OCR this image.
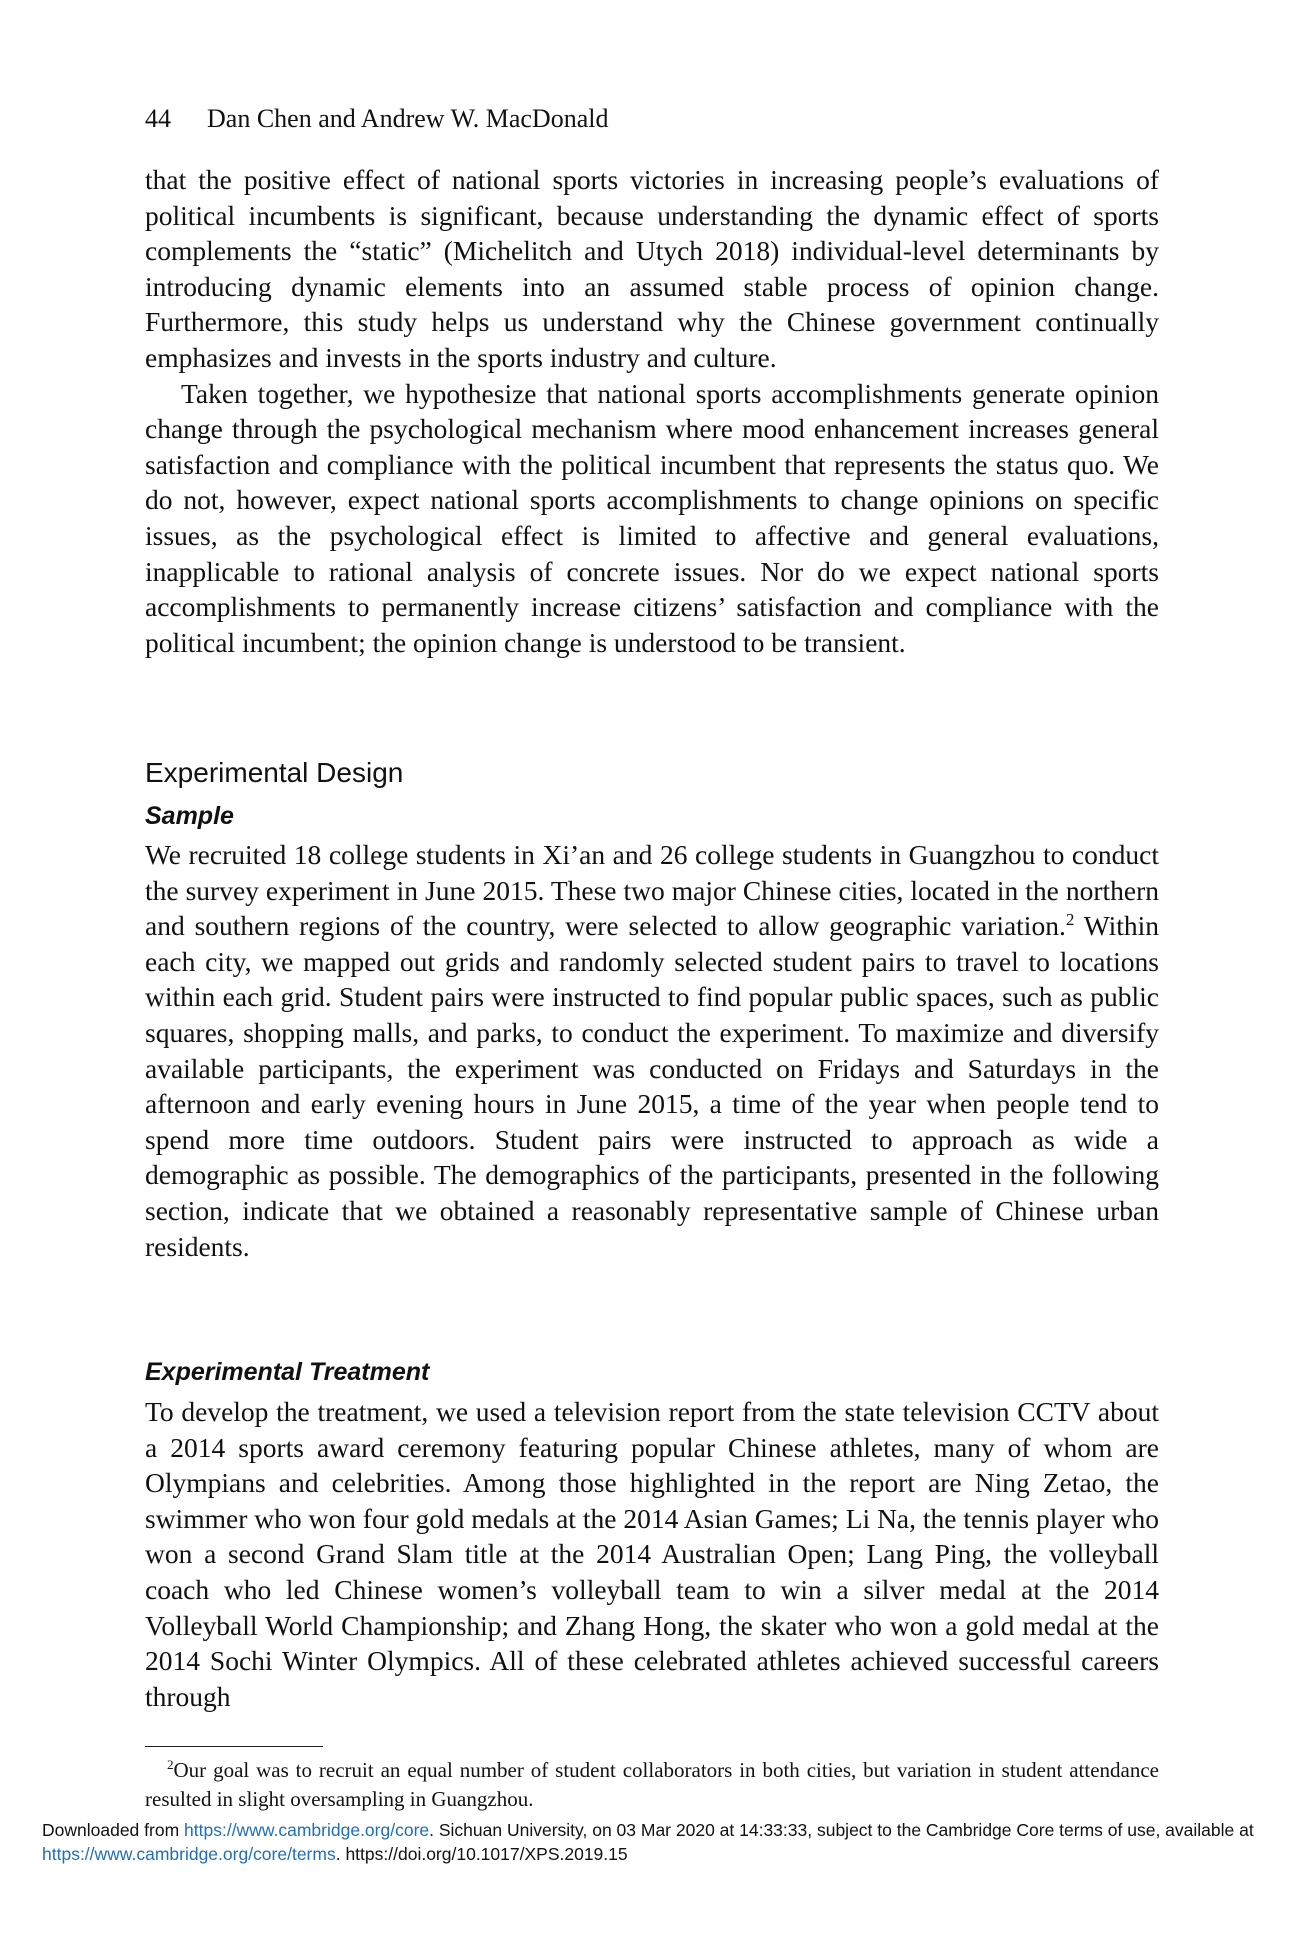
44 Dan Chen and Andrew W. MacDonald

that the positive effect of national sports victories in increasing people’s evaluations of political incumbents is significant, because understanding the dynamic effect of sports complements the “static” (Michelitch and Utych 2018) individual-level determinants by introducing dynamic elements into an assumed stable process of opinion change. Furthermore, this study helps us understand why the Chinese government continually emphasizes and invests in the sports industry and culture.

Taken together, we hypothesize that national sports accomplishments generate opinion change through the psychological mechanism where mood enhancement increases general satisfaction and compliance with the political incumbent that represents the status quo. We do not, however, expect national sports accomplishments to change opinions on specific issues, as the psychological effect is limited to affective and general evaluations, inapplicable to rational analysis of concrete issues. Nor do we expect national sports accomplishments to permanently increase citizens’ satisfaction and compliance with the political incumbent; the opinion change is understood to be transient.

Experimental Design
Sample

We recruited 18 college students in Xi’an and 26 college students in Guangzhou to conduct the survey experiment in June 2015. These two major Chinese cities, located in the northern and southern regions of the country, were selected to allow geographic variation.$^2$ Within each city, we mapped out grids and randomly selected student pairs to travel to locations within each grid. Student pairs were instructed to find popular public spaces, such as public squares, shopping malls, and parks, to conduct the experiment. To maximize and diversify available participants, the experiment was conducted on Fridays and Saturdays in the afternoon and early evening hours in June 2015, a time of the year when people tend to spend more time outdoors. Student pairs were instructed to approach as wide a demographic as possible. The demographics of the participants, presented in the following section, indicate that we obtained a reasonably representative sample of Chinese urban residents.

Experimental Treatment

To develop the treatment, we used a television report from the state television CCTV about a 2014 sports award ceremony featuring popular Chinese athletes, many of whom are Olympians and celebrities. Among those highlighted in the report are Ning Zetao, the swimmer who won four gold medals at the 2014 Asian Games; Li Na, the tennis player who won a second Grand Slam title at the 2014 Australian Open; Lang Ping, the volleyball coach who led Chinese women’s volleyball team to win a silver medal at the 2014 Volleyball World Championship; and Zhang Hong, the skater who won a gold medal at the 2014 Sochi Winter Olympics. All of these celebrated athletes achieved successful careers through

$^2$Our goal was to recruit an equal number of student collaborators in both cities, but variation in student attendance resulted in slight oversampling in Guangzhou.

Downloaded from https://www.cambridge.org/core. Sichuan University, on 03 Mar 2020 at 14:33:33, subject to the Cambridge Core terms of use, available at https://www.cambridge.org/core/terms. https://doi.org/10.1017/XPS.2019.15
